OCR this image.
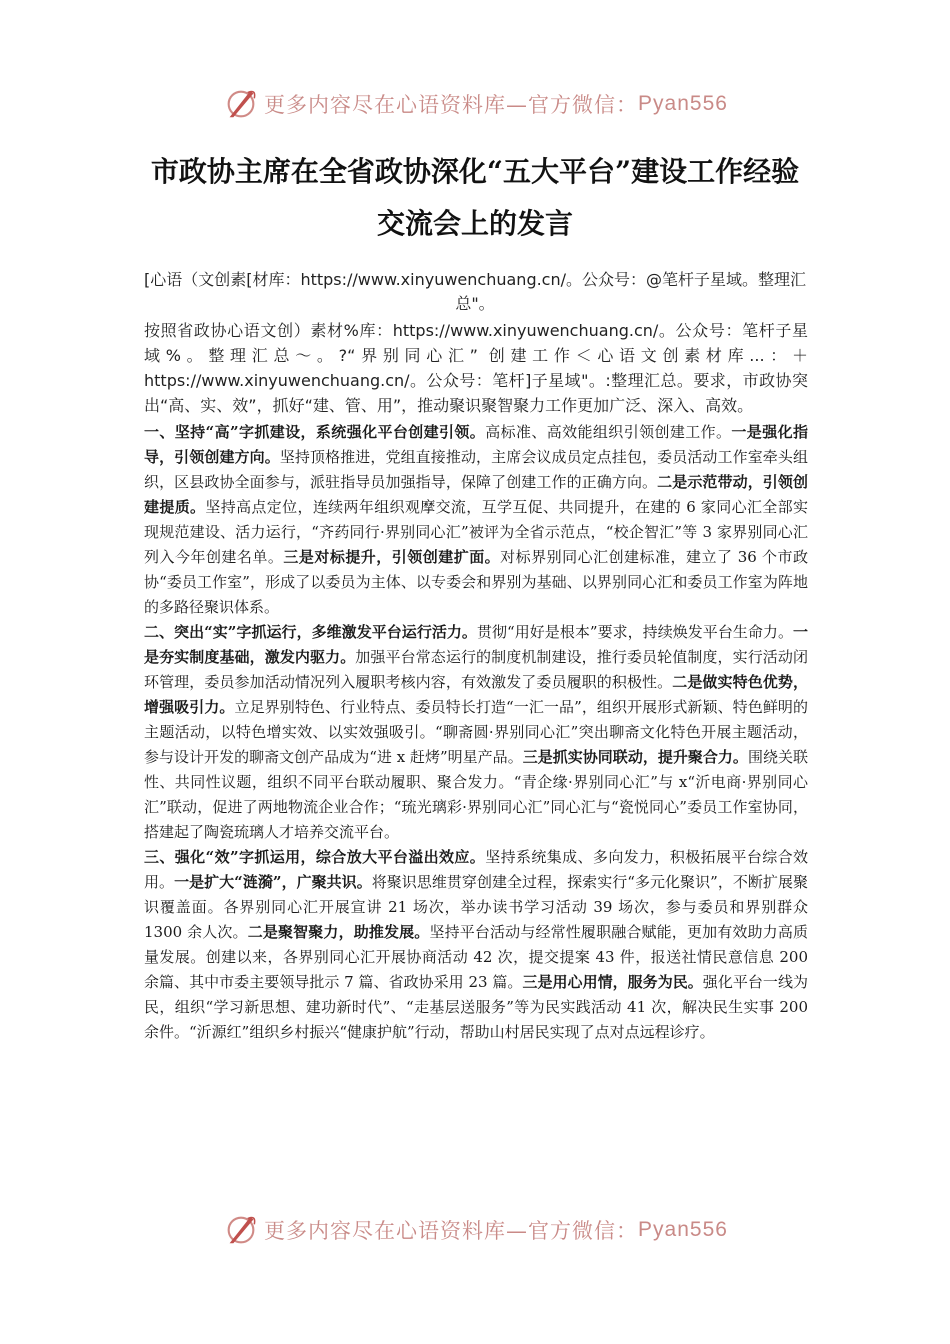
更多内容尽在心语资料库—官方微信： Pyan556
市政协主席在全省政协深化“五大平台”建设工作经验交流会上的发言
[心语（文创素[材库：https://www.xinyuwenchuang.cn/。公众号：@笔杆子星域。整理汇总"。
按照省政协心语文创）素材%库：https://www.xinyuwenchuang.cn/。公众号：笔杆子星域%。整理汇总～。?“界别同心汇” 创建工作＜心语文创素材库...：＋https://www.xinyuwenchuang.cn/。公众号：笔杆]子星域"。:整理汇总。要求，市政协突出“高、实、效”，抓好“建、管、用”，推动聚识聚智聚力工作更加广泛、深入、高效。

一、坚持“高”字抓建设，系统强化平台创建引领。高标准、高效能组织引领创建工作。一是强化指导，引领创建方向。坚持顶格推进，党组直接推动，主席会议成员定点挂包，委员活动工作室牵头组织，区县政协全面参与，派驻指导员加强指导，保障了创建工作的正确方向。二是示范带动，引领创建提质。坚持高点定位，连续两年组织观摩交流，互学互促、共同提升，在建的 6 家同心汇全部实现规范建设、活力运行，“齐药同行·界别同心汇”被评为全省示范点，“校企智汇”等 3 家界别同心汇列入今年创建名单。三是对标提升，引领创建扩面。对标界别同心汇创建标准，建立了 36 个市政协“委员工作室”，形成了以委员为主体、以专委会和界别为基础、以界别同心汇和委员工作室为阵地的多路径聚识体系。

二、突出“实”字抓运行，多维激发平台运行活力。贯彻“用好是根本”要求，持续焕发平台生命力。一是夯实制度基础，激发内驱力。加强平台常态运行的制度机制建设，推行委员轮值制度，实行活动闭环管理，委员参加活动情况列入履职考核内容，有效激发了委员履职的积极性。二是做实特色优势，增强吸引力。立足界别特色、行业特点、委员特长打造“一汇一品”，组织开展形式新颖、特色鲜明的主题活动，以特色增实效、以实效强吸引。“聊斋圆·界别同心汇”突出聊斋文化特色开展主题活动，参与设计开发的聊斋文创产品成为“进 x 赶烤”明星产品。三是抓实协同联动，提升聚合力。围绕关联性、共同性议题，组织不同平台联动履职、聚合发力。“青企缘·界别同心汇”与 x“沂电商·界别同心汇”联动，促进了两地物流企业合作；“琉光璃彩·界别同心汇”同心汇与“瓷悦同心”委员工作室协同，搭建起了陶瓷琉璃人才培养交流平台。

三、强化“效”字抓运用，综合放大平台溢出效应。坚持系统集成、多向发力，积极拓展平台综合效用。一是扩大“涟漪”，广聚共识。将聚识思维贯穿创建全过程，探索实行“多元化聚识”，不断扩展聚识覆盖面。各界别同心汇开展宣讲 21 场次，举办读书学习活动 39 场次，参与委员和界别群众 1300 余人次。二是聚智聚力，助推发展。坚持平台活动与经常性履职融合赋能，更加有效助力高质量发展。创建以来，各界别同心汇开展协商活动 42 次，提交提案 43 件，报送社情民意信息 200 余篇、其中市委主要领导批示 7 篇、省政协采用 23 篇。三是用心用情，服务为民。强化平台一线为民，组织“学习新思想、建功新时代”、“走基层送服务”等为民实践活动 41 次，解决民生实事 200 余件。“沂源红”组织乡村振兴“健康护航”行动，帮助山村居民实现了点对点远程诊疗。

更多内容尽在心语资料库—官方微信： Pyan556
